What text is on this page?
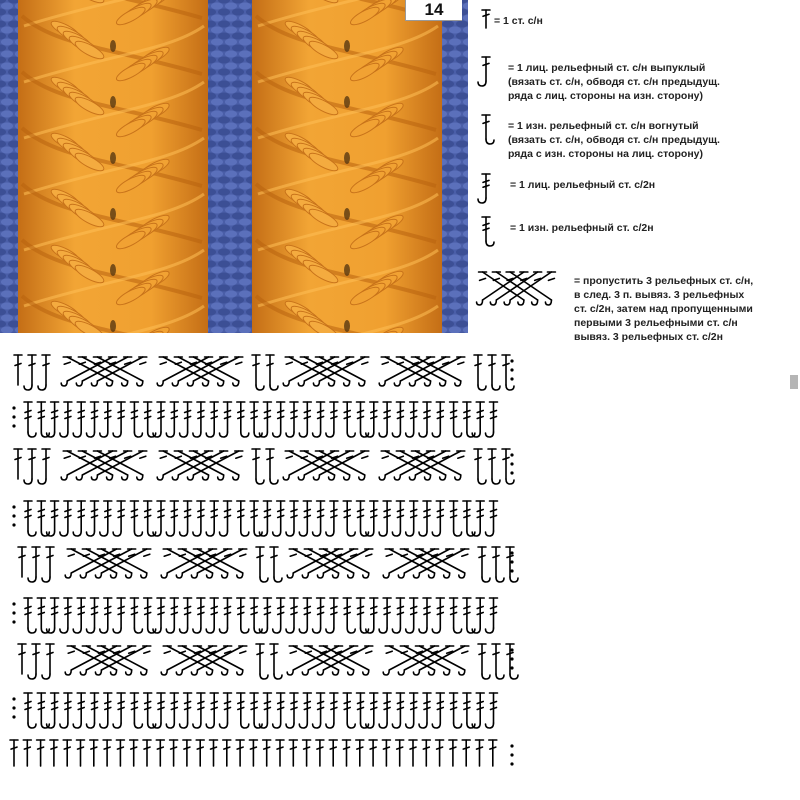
14
= 1 ст. с/н
= 1 лиц. рельефный ст. с/н выпуклый
(вязать ст. с/н, обводя ст. с/н предыдущ.
ряда с лиц. стороны на изн. сторону)
= 1 изн. рельефный ст. с/н вогнутый
(вязать ст. с/н, обводя ст. с/н предыдущ.
ряда с изн. стороны на лиц. сторону)
= 1 лиц. рельефный ст. с/2н
= 1 изн. рельефный ст. с/2н
= пропустить 3 рельефных ст. с/н,
в след. 3 п. вывяз. 3 рельефных
ст. с/2н, затем над пропущенными
первыми 3 рельефными ст. с/н
вывяз. 3 рельефных ст. с/2н
